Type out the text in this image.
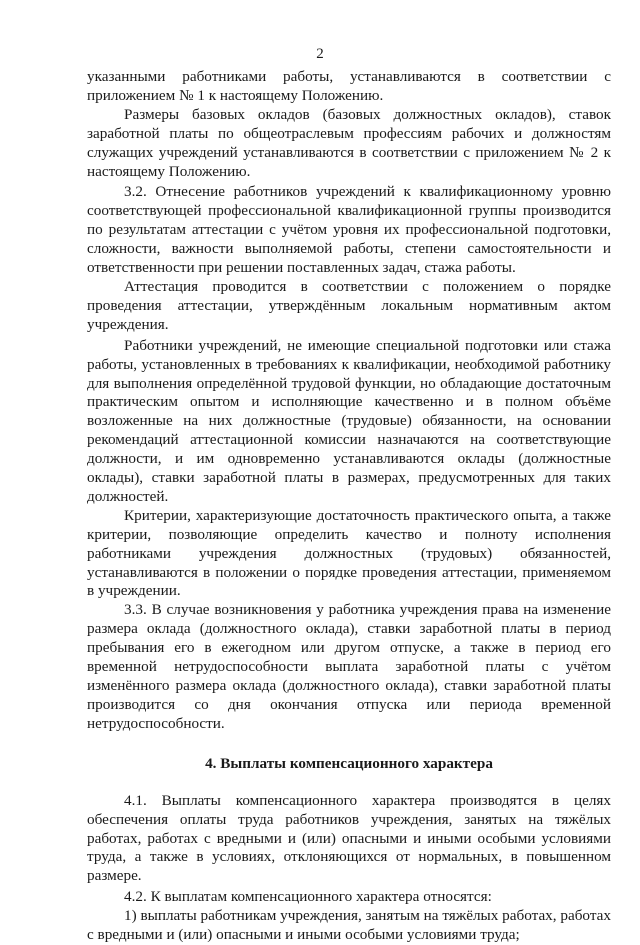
2

указанными работниками работы, устанавливаются в соответствии с приложением № 1 к настоящему Положению.

Размеры базовых окладов (базовых должностных окладов), ставок заработной платы по общеотраслевым профессиям рабочих и должностям служащих учреждений устанавливаются в соответствии с приложением № 2 к настоящему Положению.

3.2. Отнесение работников учреждений к квалификационному уровню соответствующей профессиональной квалификационной группы производится по результатам аттестации с учётом уровня их профессиональной подготовки, сложности, важности выполняемой работы, степени самостоятельности и ответственности при решении поставленных задач, стажа работы.

Аттестация проводится в соответствии с положением о порядке проведения аттестации, утверждённым локальным нормативным актом учреждения.

Работники учреждений, не имеющие специальной подготовки или стажа работы, установленных в требованиях к квалификации, необходимой работнику для выполнения определённой трудовой функции, но обладающие достаточным практическим опытом и исполняющие качественно и в полном объёме возложенные на них должностные (трудовые) обязанности, на основании рекомендаций аттестационной комиссии назначаются на соответствующие должности, и им одновременно устанавливаются оклады (должностные оклады), ставки заработной платы в размерах, предусмотренных для таких должностей.

Критерии, характеризующие достаточность практического опыта, а также критерии, позволяющие определить качество и полноту исполнения работниками учреждения должностных (трудовых) обязанностей, устанавливаются в положении о порядке проведения аттестации, применяемом в учреждении.

3.3. В случае возникновения у работника учреждения права на изменение размера оклада (должностного оклада), ставки заработной платы в период пребывания его в ежегодном или другом отпуске, а также в период его временной нетрудоспособности выплата заработной платы с учётом изменённого размера оклада (должностного оклада), ставки заработной платы производится со дня окончания отпуска или периода временной нетрудоспособности.

4. Выплаты компенсационного характера

4.1. Выплаты компенсационного характера производятся в целях обеспечения оплаты труда работников учреждения, занятых на тяжёлых работах, работах с вредными и (или) опасными и иными особыми условиями труда, а также в условиях, отклоняющихся от нормальных, в повышенном размере.

4.2. К выплатам компенсационного характера относятся:

1) выплаты работникам учреждения, занятым на тяжёлых работах, работах с вредными и (или) опасными и иными особыми условиями труда;
